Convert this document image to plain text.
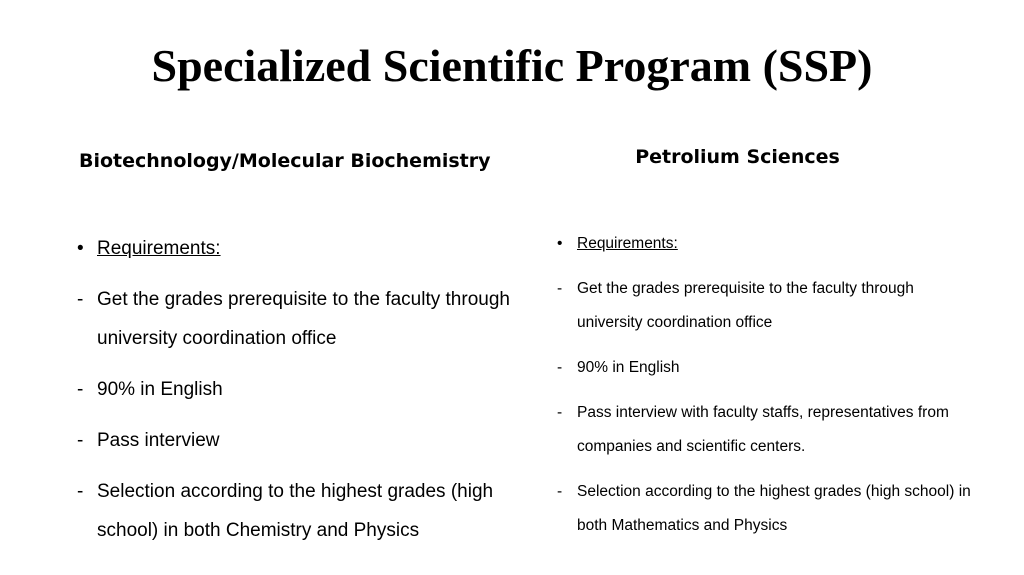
Specialized Scientific Program (SSP)
Biotechnology/Molecular Biochemistry	Petrolium Sciences
• Requirements:
- Get the grades prerequisite to the faculty through university coordination office
- 90% in English
- Pass interview
- Selection according to the highest grades (high school) in both Chemistry and Physics
• Requirements:
- Get the grades prerequisite to the faculty through university coordination office
- 90% in English
- Pass interview with faculty staffs, representatives from companies and scientific centers.
- Selection according to the highest grades (high school) in both Mathematics and Physics
